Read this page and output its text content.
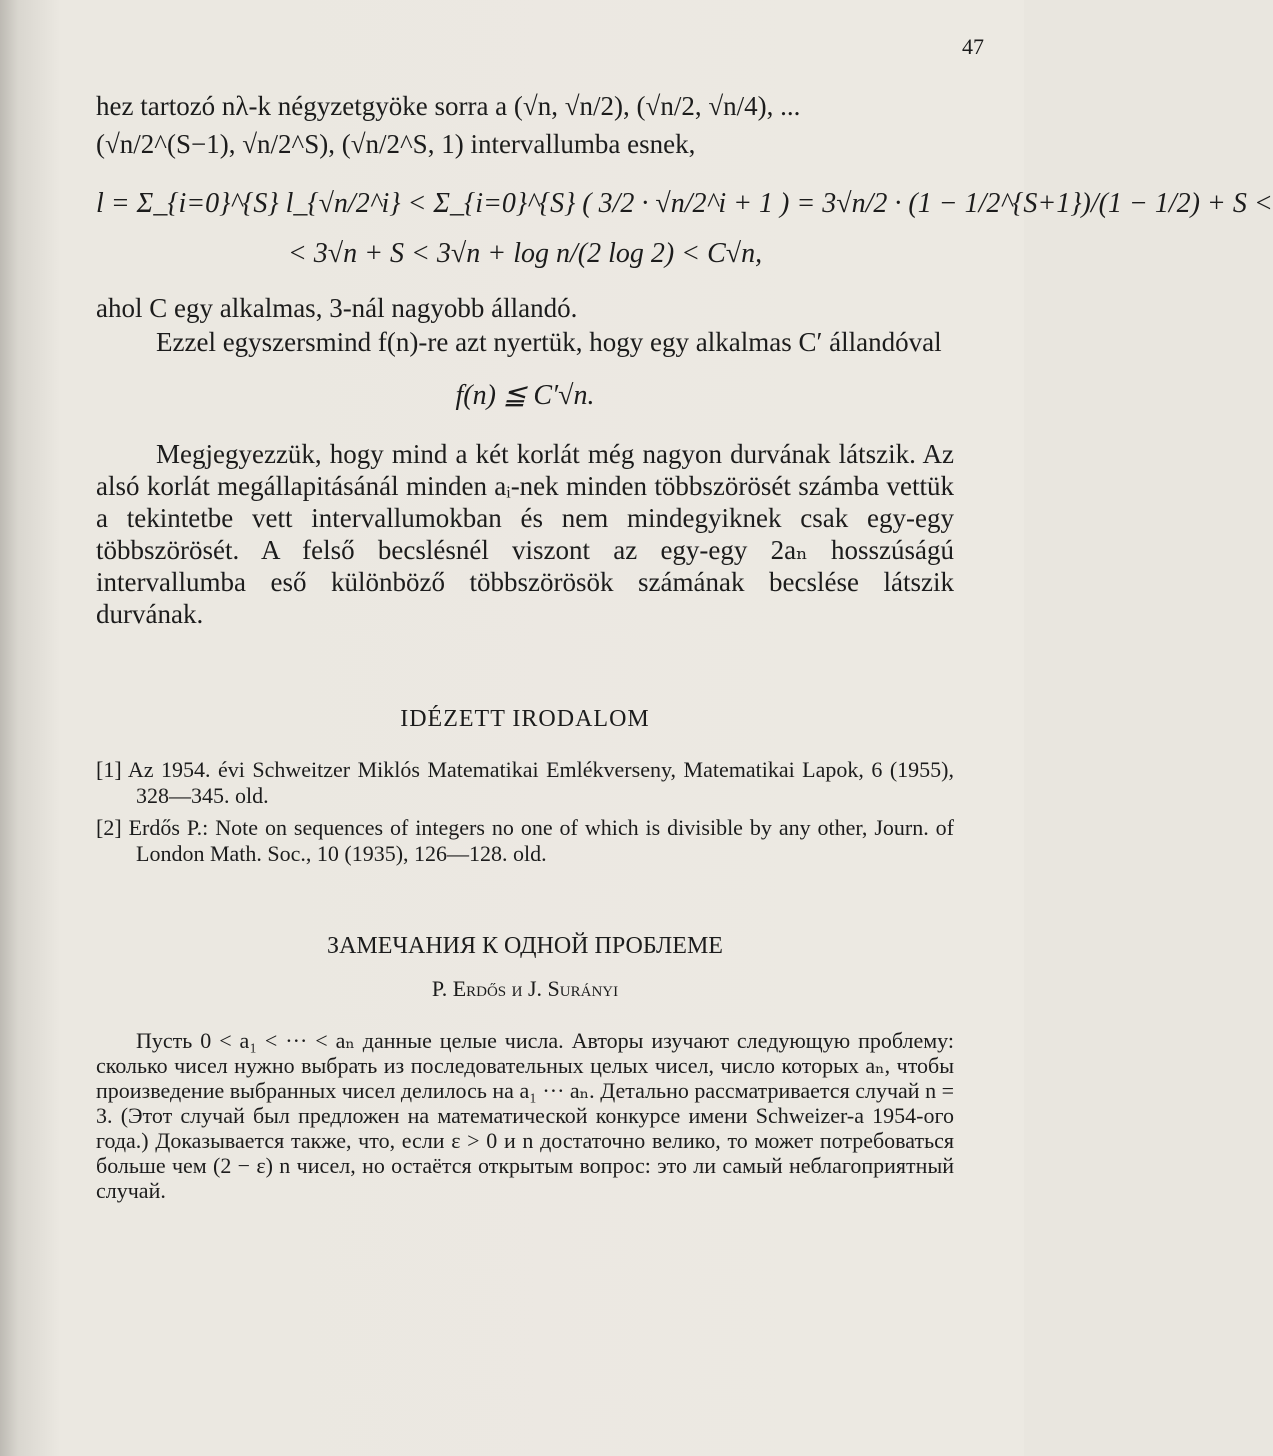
47

hez tartozó nλ-k négyzetgyöke sorra a (√n, √n/2), (√n/2, √n/4), ...

(√n/2^(S−1), √n/2^S), (√n/2^S, 1) intervallumba esnek,

l = Σ_{i=0}^{S} l_{√n/2^i} < Σ_{i=0}^{S} ( 3/2 · √n/2^i + 1 ) = 3√n/2 · (1 − 1/2^{S+1})/(1 − 1/2) + S <
< 3√n + S < 3√n + log n/(2 log 2) < C√n,

ahol C egy alkalmas, 3-nál nagyobb állandó.

Ezzel egyszersmind f(n)-re azt nyertük, hogy egy alkalmas C′ állandóval

f(n) ≦ C′√n.

Megjegyezzük, hogy mind a két korlát még nagyon durvának látszik. Az alsó korlát megállapitásánál minden aᵢ-nek minden többszörösét számba vettük a tekintetbe vett intervallumokban és nem mindegyiknek csak egy-egy többszörösét. A felső becslésnél viszont az egy-egy 2aₙ hosszúságú intervallumba eső különböző többszörösök számának becslése látszik durvának.

IDÉZETT IRODALOM

[1] Az 1954. évi Schweitzer Miklós Matematikai Emlékverseny, Matematikai Lapok, 6 (1955), 328—345. old.

[2] Erdős P.: Note on sequences of integers no one of which is divisible by any other, Journ. of London Math. Soc., 10 (1935), 126—128. old.

ЗАМЕЧАНИЯ К ОДНОЙ ПРОБЛЕМЕ
P. Erdős и J. Surányi

Пусть 0 < a₁ < ··· < aₙ данные целые числа. Авторы изучают следующую проблему: сколько чисел нужно выбрать из последовательных целых чисел, число которых aₙ, чтобы произведение выбранных чисел делилось на a₁ ··· aₙ. Детально рассматривается случай n = 3. (Этот случай был предложен на математической конкурсе имени Schweizer-a 1954-ого года.) Доказывается также, что, если ε > 0 и n достаточно велико, то может потребоваться больше чем (2 − ε) n чисел, но остаётся открытым вопрос: это ли самый неблагоприятный случай.
